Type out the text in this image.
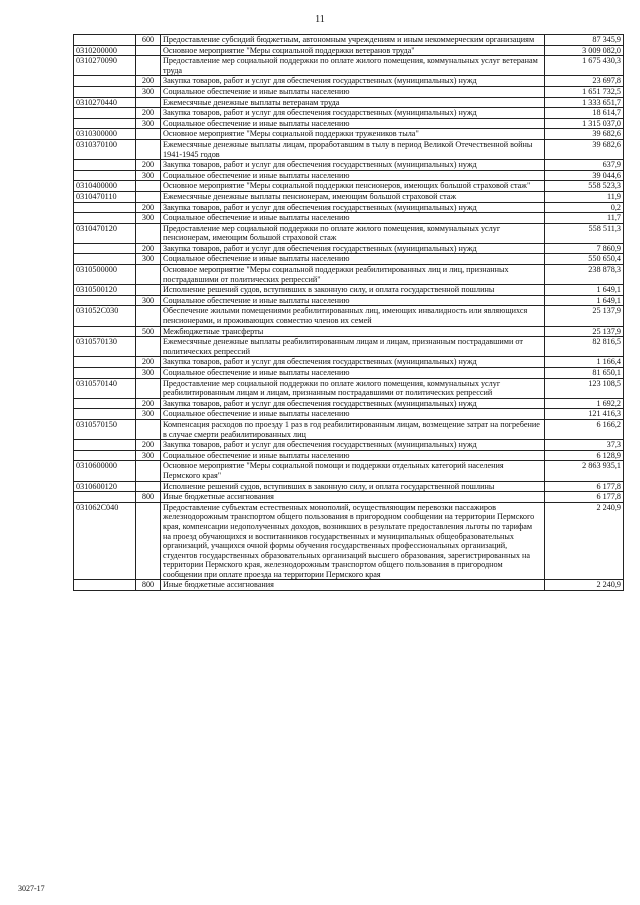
11
	600	Предоставление субсидий бюджетным, автономным учреждениям и иным некоммерческим организациям	87 345,9
0310200000		Основное мероприятие "Меры социальной поддержки ветеранов труда"	3 009 082,0
0310270090		Предоставление мер социальной поддержки по оплате жилого помещения, коммунальных услуг ветеранам труда	1 675 430,3
	200	Закупка товаров, работ и услуг для обеспечения государственных (муниципальных) нужд	23 697,8
	300	Социальное обеспечение и иные выплаты населению	1 651 732,5
0310270440		Ежемесячные денежные выплаты ветеранам труда	1 333 651,7
	200	Закупка товаров, работ и услуг для обеспечения государственных (муниципальных) нужд	18 614,7
	300	Социальное обеспечение и иные выплаты населению	1 315 037,0
0310300000		Основное мероприятие "Меры социальной поддержки тружеников тыла"	39 682,6
0310370100		Ежемесячные денежные выплаты лицам, проработавшим в тылу в период Великой Отечественной войны 1941-1945 годов	39 682,6
	200	Закупка товаров, работ и услуг для обеспечения государственных (муниципальных) нужд	637,9
	300	Социальное обеспечение и иные выплаты населению	39 044,6
0310400000		Основное мероприятие "Меры социальной поддержки пенсионеров, имеющих большой страховой стаж"	558 523,3
0310470110		Ежемесячные денежные выплаты пенсионерам, имеющим большой страховой стаж	11,9
	200	Закупка товаров, работ и услуг для обеспечения государственных (муниципальных) нужд	0,2
	300	Социальное обеспечение и иные выплаты населению	11,7
0310470120		Предоставление мер социальной поддержки по оплате жилого помещения, коммунальных услуг пенсионерам, имеющим большой страховой стаж	558 511,3
	200	Закупка товаров, работ и услуг для обеспечения государственных (муниципальных) нужд	7 860,9
	300	Социальное обеспечение и иные выплаты населению	550 650,4
0310500000		Основное мероприятие "Меры социальной поддержки реабилитированных лиц и лиц, признанных пострадавшими от политических репрессий"	238 878,3
0310500120		Исполнение решений судов, вступивших в законную силу, и оплата государственной пошлины	1 649,1
	300	Социальное обеспечение и иные выплаты населению	1 649,1
031052C030		Обеспечение жилыми помещениями реабилитированных лиц, имеющих инвалидность или являющихся пенсионерами, и проживающих совместно членов их семей	25 137,9
	500	Межбюджетные трансферты	25 137,9
0310570130		Ежемесячные денежные выплаты реабилитированным лицам и лицам, признанным пострадавшими от политических репрессий	82 816,5
	200	Закупка товаров, работ и услуг для обеспечения государственных (муниципальных) нужд	1 166,4
	300	Социальное обеспечение и иные выплаты населению	81 650,1
0310570140		Предоставление мер социальной поддержки по оплате жилого помещения, коммунальных услуг реабилитированным лицам и лицам, признанным пострадавшими от политических репрессий	123 108,5
	200	Закупка товаров, работ и услуг для обеспечения государственных (муниципальных) нужд	1 692,2
	300	Социальное обеспечение и иные выплаты населению	121 416,3
0310570150		Компенсация расходов по проезду 1 раз в год реабилитированным лицам, возмещение затрат на погребение в случае смерти реабилитированных лиц	6 166,2
	200	Закупка товаров, работ и услуг для обеспечения государственных (муниципальных) нужд	37,3
	300	Социальное обеспечение и иные выплаты населению	6 128,9
0310600000		Основное мероприятие "Меры социальной помощи и поддержки отдельных категорий населения Пермского края"	2 863 935,1
0310600120		Исполнение решений судов, вступивших в законную силу, и оплата государственной пошлины	6 177,8
	800	Иные бюджетные ассигнования	6 177,8
031062C040		Предоставление субъектам естественных монополий, осуществляющим перевозки пассажиров железнодорожным транспортом общего пользования в пригородном сообщении на территории Пермского края, компенсации недополученных доходов, возникших в результате предоставления льготы по тарифам на проезд обучающихся и воспитанников государственных и муниципальных общеобразовательных организаций, учащихся очной формы обучения государственных профессиональных организаций, студентов государственных образовательных организаций высшего образования, зарегистрированных на территории Пермского края, железнодорожным транспортом общего пользования в пригородном сообщении при оплате проезда на территории Пермского края	2 240,9
	800	Иные бюджетные ассигнования	2 240,9
3027-17
